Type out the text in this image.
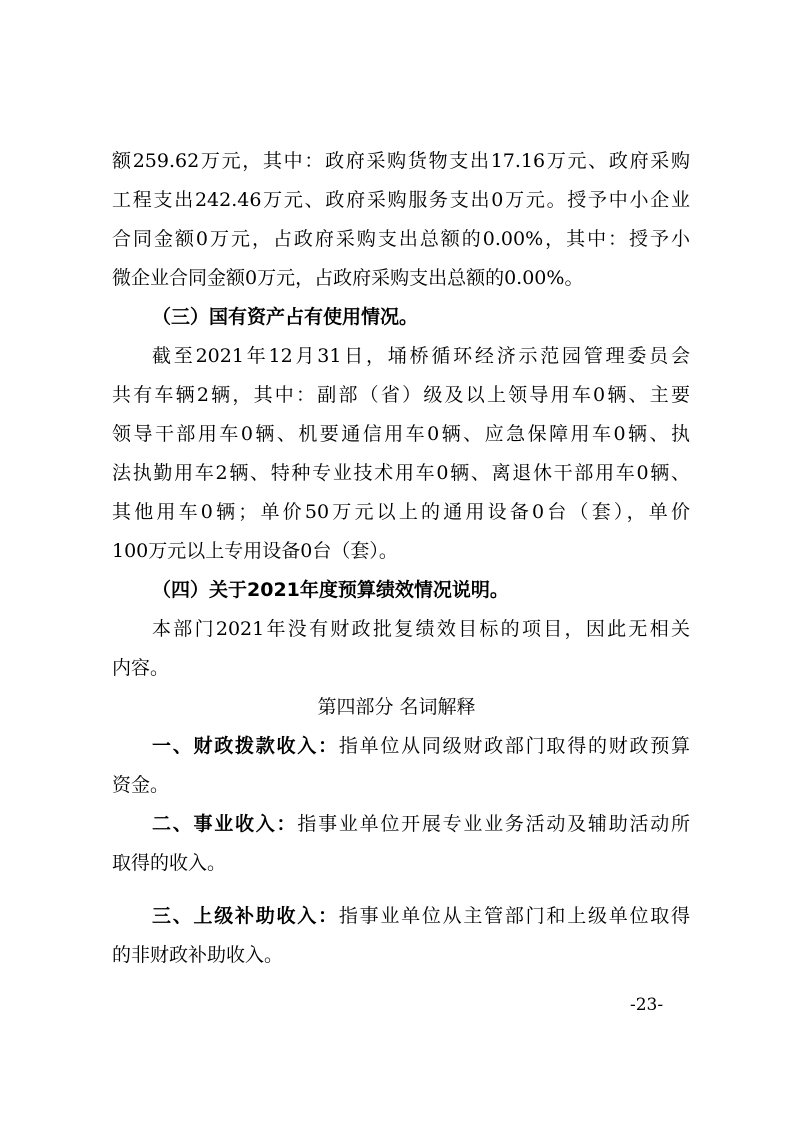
额259.62万元，其中：政府采购货物支出17.16万元、政府采购
工程支出242.46万元、政府采购服务支出0万元。授予中小企业
合同金额0万元，占政府采购支出总额的0.00%，其中：授予小
微企业合同金额0万元，占政府采购支出总额的0.00%。
（三）国有资产占有使用情况。
截至2021年12月31日，埇桥循环经济示范园管理委员会
共有车辆2辆，其中：副部（省）级及以上领导用车0辆、主要
领导干部用车0辆、机要通信用车0辆、应急保障用车0辆、执
法执勤用车2辆、特种专业技术用车0辆、离退休干部用车0辆、
其他用车0辆；单价50万元以上的通用设备0台（套），单价
100万元以上专用设备0台（套）。
（四）关于2021年度预算绩效情况说明。
本部门2021年没有财政批复绩效目标的项目，因此无相关
内容。
第四部分 名词解释
一、财政拨款收入：指单位从同级财政部门取得的财政预算
资金。
二、事业收入：指事业单位开展专业业务活动及辅助活动所
取得的收入。
三、上级补助收入：指事业单位从主管部门和上级单位取得
的非财政补助收入。
-23-
